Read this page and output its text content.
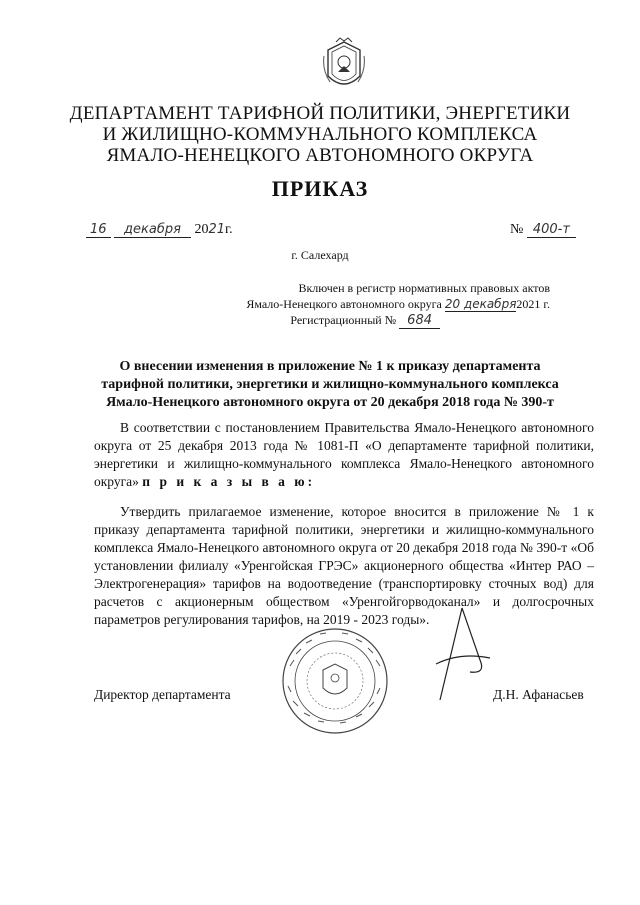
ДЕПАРТАМЕНТ ТАРИФНОЙ ПОЛИТИКИ, ЭНЕРГЕТИКИ
И ЖИЛИЩНО-КОММУНАЛЬНОГО КОМПЛЕКСА
ЯМАЛО-НЕНЕЦКОГО АВТОНОМНОГО ОКРУГА
ПРИКАЗ
16 декабря 2021г.	№ 400-т
г. Салехард
Включен в регистр нормативных правовых актов
Ямало-Ненецкого автономного округа 20 декабря2021 г.
Регистрационный № 684
О внесении изменения в приложение № 1 к приказу департамента
тарифной политики, энергетики и жилищно-коммунального комплекса
Ямало-Ненецкого автономного округа от 20 декабря 2018 года № 390-т
В соответствии с постановлением Правительства Ямало-Ненецкого автономного округа от 25 декабря 2013 года № 1081-П «О департаменте тарифной политики, энергетики и жилищно-коммунального комплекса Ямало-Ненецкого автономного округа» п р и к а з ы в а ю:
Утвердить прилагаемое изменение, которое вносится в приложение № 1 к приказу департамента тарифной политики, энергетики и жилищно-коммунального комплекса Ямало-Ненецкого автономного округа от 20 декабря 2018 года № 390-т «Об установлении филиалу «Уренгойская ГРЭС» акционерного общества «Интер РАО – Электрогенерация» тарифов на водоотведение (транспортировку сточных вод) для расчетов с акционерным обществом «Уренгойгорводоканал» и долгосрочных параметров регулирования тарифов, на 2019 - 2023 годы».
Директор департамента	Д.Н. Афанасьев
